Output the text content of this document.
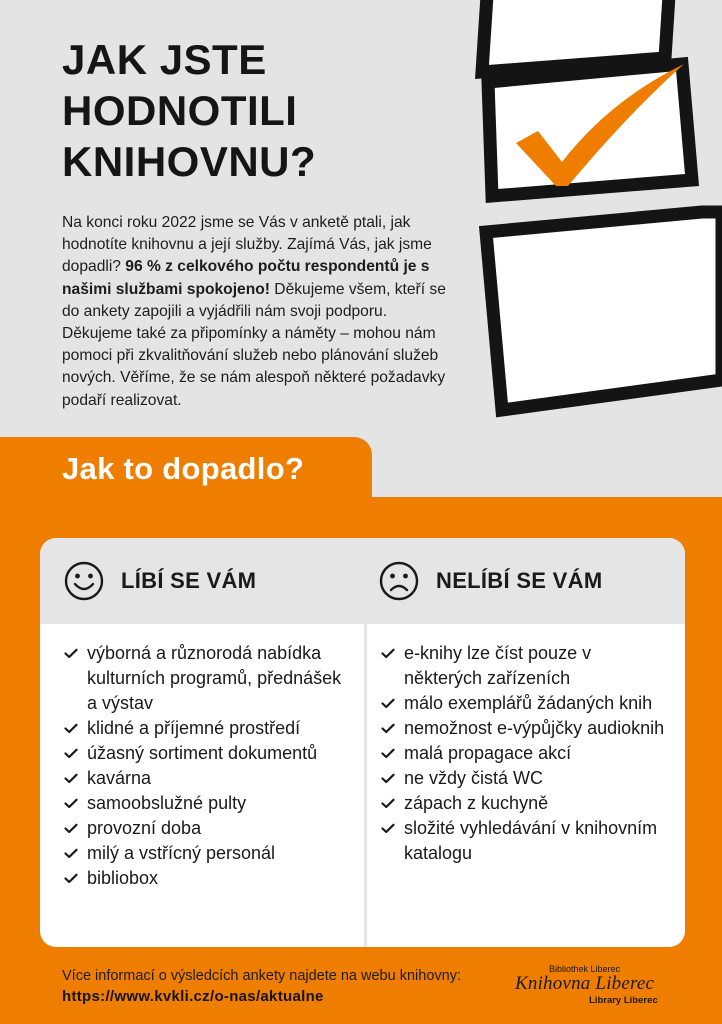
JAK JSTE
HODNOTILI
KNIHOVNU?

Na konci roku 2022 jsme se Vás v anketě ptali, jak hodnotíte knihovnu a její služby. Zajímá Vás, jak jsme dopadli? 96 % z celkového počtu respondentů je s našimi službami spokojeno! Děkujeme všem, kteří se do ankety zapojili a vyjádřili nám svoji podporu. Děkujeme také za připomínky a náměty – mohou nám pomoci při zkvalitňování služeb nebo plánování služeb nových. Věříme, že se nám alespoň některé požadavky podaří realizovat.

Jak to dopadlo?
LÍBÍ SE VÁM	NELÍBÍ SE VÁM
výborná a různorodá nabídka kulturních programů, přednášek a výstav
klidné a příjemné prostředí
úžasný sortiment dokumentů
kavárna
samoobslužné pulty
provozní doba
milý a vstřícný personál
bibliobox
e-knihy lze číst pouze v některých zařízeních
málo exemplářů žádaných knih
nemožnost e-výpůjčky audioknih
malá propagace akcí
ne vždy čistá WC
zápach z kuchyně
složité vyhledávání v knihovním katalogu
Více informací o výsledcích ankety najdete na webu knihovny:
https://www.kvkli.cz/o-nas/aktualne
Bibliothek Liberec
Knihovna Liberec
Library Liberec
